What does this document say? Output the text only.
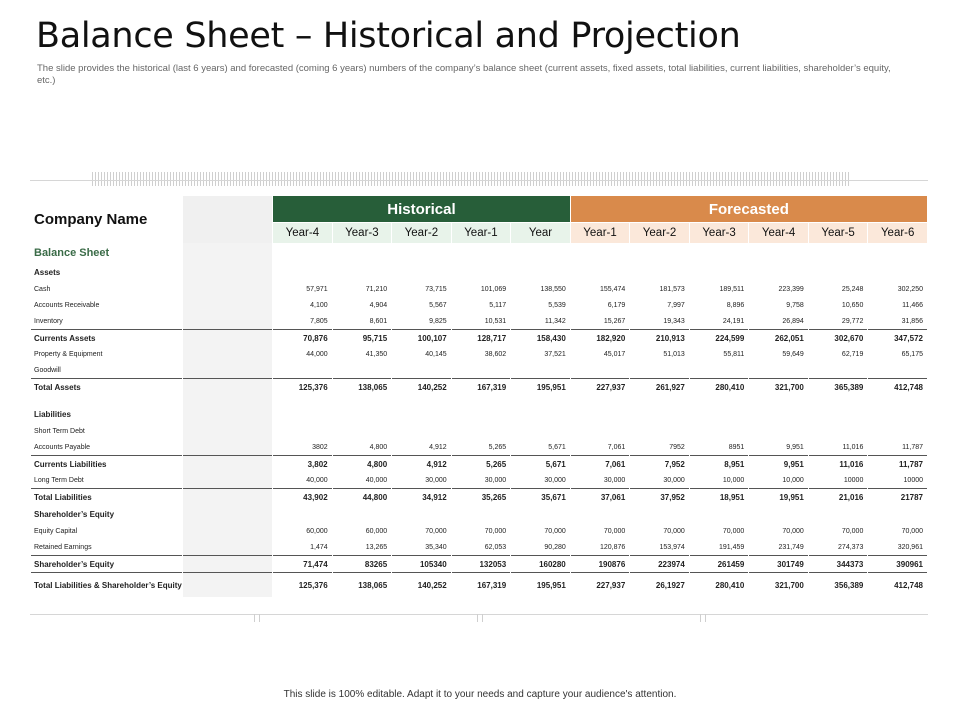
Balance Sheet – Historical and Projection
The slide provides the historical (last 6 years) and forecasted (coming 6 years) numbers of the company’s balance sheet (current assets, fixed assets, total liabilities, current liabilities, shareholder’s equity, etc.)
Company Name		Historical					Forecasted					
		Year-4	Year-3	Year-2	Year-1	Year	Year-1	Year-2	Year-3	Year-4	Year-5	Year-6
Balance Sheet												
Assets												
Cash		57,971	71,210	73,715	101,069	138,550	155,474	181,573	189,511	223,399	25,248	302,250
Accounts Receivable		4,100	4,904	5,567	5,117	5,539	6,179	7,997	8,896	9,758	10,650	11,466
Inventory		7,805	8,601	9,825	10,531	11,342	15,267	19,343	24,191	26,894	29,772	31,856
Currents Assets		70,876	95,715	100,107	128,717	158,430	182,920	210,913	224,599	262,051	302,670	347,572
Property & Equipment		44,000	41,350	40,145	38,602	37,521	45,017	51,013	55,811	59,649	62,719	65,175
Goodwill												
Total Assets		125,376	138,065	140,252	167,319	195,951	227,937	261,927	280,410	321,700	365,389	412,748

Liabilities												
Short Term Debt												
Accounts Payable		3802	4,800	4,912	5,265	5,671	7,061	7952	8951	9,951	11,016	11,787
Currents Liabilities		3,802	4,800	4,912	5,265	5,671	7,061	7,952	8,951	9,951	11,016	11,787
Long Term Debt		40,000	40,000	30,000	30,000	30,000	30,000	30,000	10,000	10,000	10000	10000
Total Liabilities		43,902	44,800	34,912	35,265	35,671	37,061	37,952	18,951	19,951	21,016	21787
Shareholder’s Equity												
Equity Capital		60,000	60,000	70,000	70,000	70,000	70,000	70,000	70,000	70,000	70,000	70,000
Retained Earnings		1,474	13,265	35,340	62,053	90,280	120,876	153,974	191,459	231,749	274,373	320,961
Shareholder’s Equity		71,474	83265	105340	132053	160280	190876	223974	261459	301749	344373	390961
Total Liabilities & Shareholder’s Equity		125,376	138,065	140,252	167,319	195,951	227,937	26,1927	280,410	321,700	356,389	412,748
This slide is 100% editable. Adapt it to your needs and capture your audience's attention.
